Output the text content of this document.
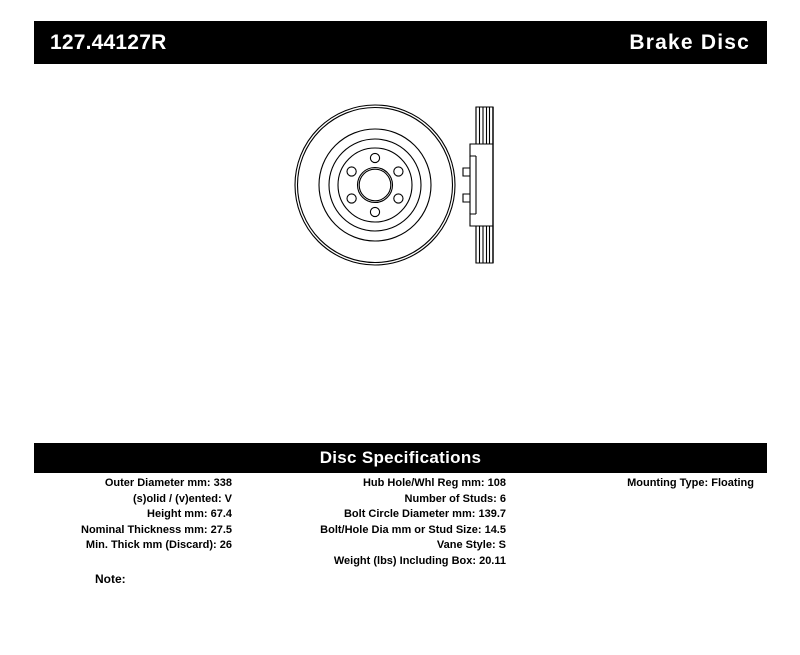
127.44127R	Brake Disc
Disc Specifications
Outer Diameter mm: 338
(s)olid / (v)ented: V
Height mm: 67.4
Nominal Thickness mm: 27.5
Min. Thick mm (Discard): 26
Hub Hole/Whl Reg mm: 108
Number of Studs: 6
Bolt Circle Diameter mm: 139.7
Bolt/Hole Dia mm or Stud Size: 14.5
Vane Style: S
Weight (lbs) Including Box: 20.11
Mounting Type: Floating
Note:
